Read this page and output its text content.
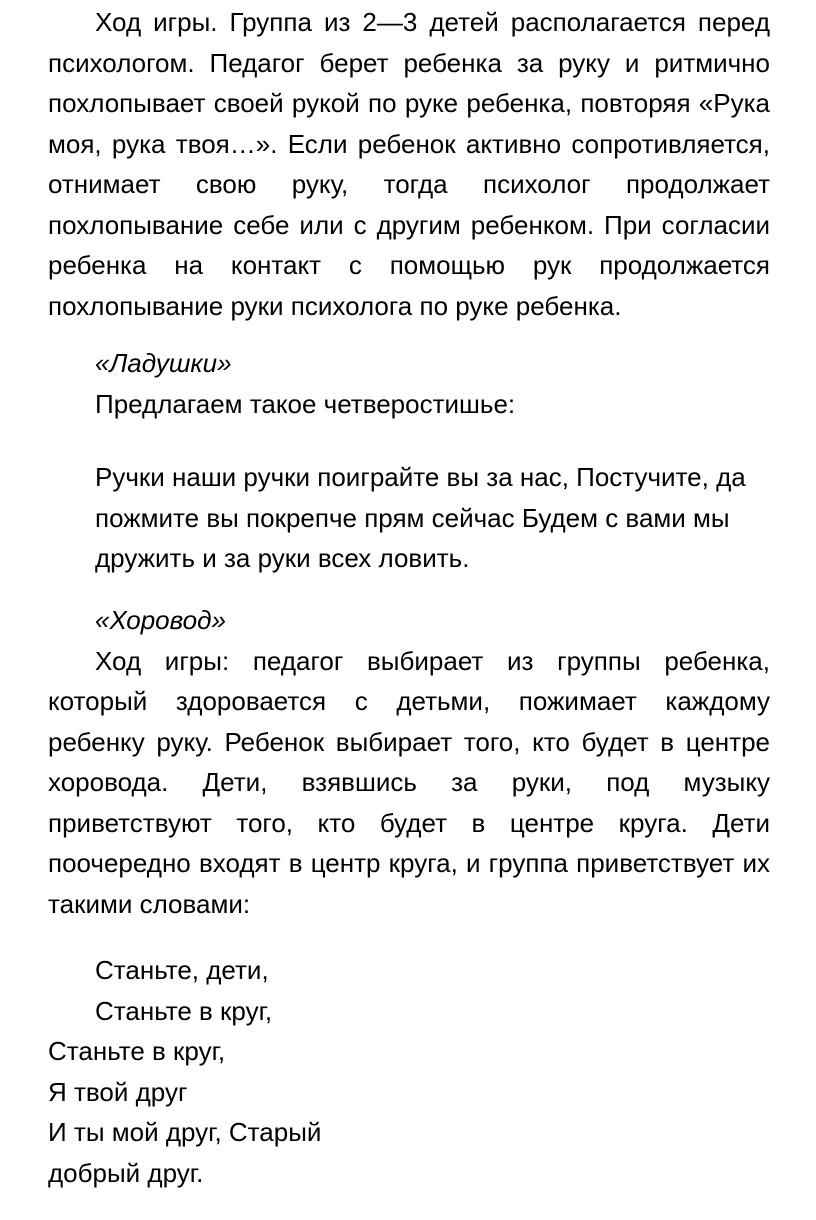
Ход игры. Группа из 2—3 детей располагается перед
психологом. Педагог берет ребенка за руку и ритмично
похлопывает своей рукой по руке ребенка, повторяя «Рука
моя, рука твоя…». Если ребенок активно сопротивляется,
отнимает свою руку, тогда психолог продолжает
похлопывание себе или с другим ребенком. При согласии
ребенка на контакт с помощью рук продолжается
похлопывание руки психолога по руке ребенка.
«Ладушки»
Предлагаем такое четверостишье:
Ручки наши ручки поиграйте вы за нас, Постучите, да
пожмите вы покрепче прям сейчас Будем с вами мы
дружить и за руки всех ловить.
«Хоровод»
Ход игры: педагог выбирает из группы ребенка,
который здоровается с детьми, пожимает каждому
ребенку руку. Ребенок выбирает того, кто будет в центре
хоровода. Дети, взявшись за руки, под музыку
приветствуют того, кто будет в центре круга. Дети
поочередно входят в центр круга, и группа приветствует их
такими словами:
Станьте, дети,
Станьте в круг,
Станьте в круг,
Я твой друг
И ты мой друг, Старый
добрый друг.
